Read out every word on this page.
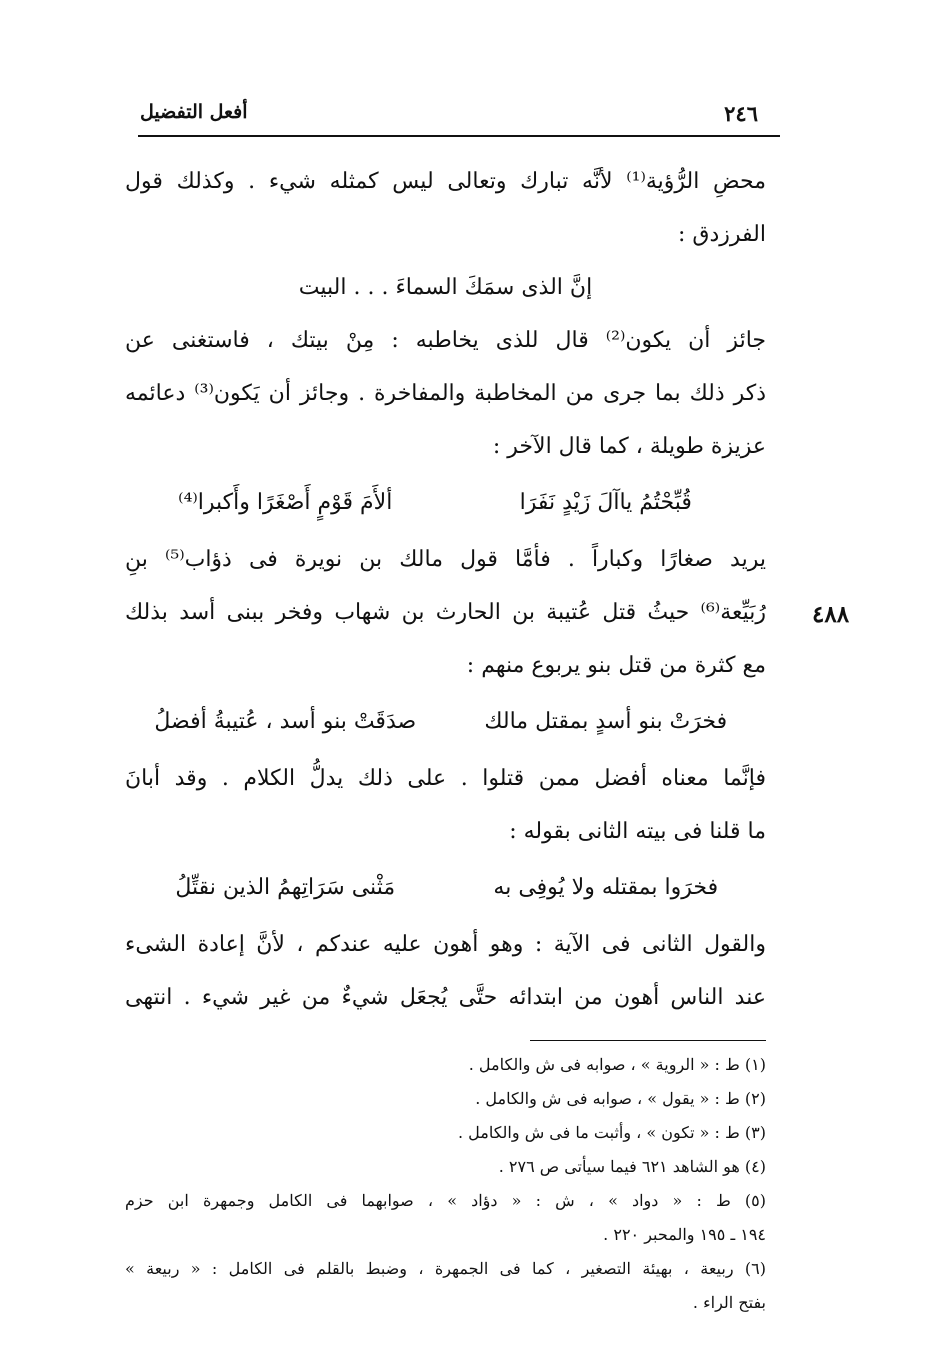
٢٤٦
أفعل التفضيل
٤٨٨
محضِ الرُّؤية⁽¹⁾ لأنَّه تبارك وتعالى ليس كمثله شيء . وكذلك قول
الفرزدق :
إنَّ الذى سمَكَ السماءَ . . . البيت
جائز أن يكون⁽²⁾ قال للذى يخاطبه : مِنْ بيتك ، فاستغنى عن
ذكر ذلك بما جرى من المخاطبة والمفاخرة . وجائز أن يَكون⁽³⁾ دعائمه
عزيزة طويلة ، كما قال الآخر :
قُبِّحْتُمُ ياآلَ زَيْدٍ نَفَرَا
ألأَمَ قَوْمٍ أَصْغَرًا وأَكبرا⁽⁴⁾
يريد صغارًا وكباراً . فأمَّا قول مالك بن نويرة فى ذؤاب⁽⁵⁾ بنِ
رُبَيِّعة⁽⁶⁾ حيثُ قتل عُتيبة بن الحارث بن شهاب وفخر ببنى أسد بذلك
مع كثرة من قتل بنو يربوع منهم :
فخرَتْ بنو أسدٍ بمقتل مالك
صدَقَتْ بنو أسد ، عُتيبةُ أفضلُ
فإنَّما معناه أفضل ممن قتلوا . على ذلك يدلُّ الكلام . وقد أبانَ
ما قلنا فى بيته الثانى بقوله :
فخرَوا بمقتله ولا يُوفِى به
مَثْنى سَرَاتِهمُ الذين نقتِّلُ
والقول الثانى فى الآية : وهو أهون عليه عندكم ، لأنَّ إعادة الشىء
عند الناس أهون من ابتدائه حتَّى يُجعَل شيءٌ من غير شيء . انتهى
(١) ط : « الروية » ، صوابه فى ش والكامل .
(٢) ط : « يقول » ، صوابه فى ش والكامل .
(٣) ط : « تكون » ، وأثبت ما فى ش والكامل .
(٤) هو الشاهد ٦٢١ فيما سيأتى ص ٢٧٦ .
(٥) ط : « دواد » ، ش : « دؤاد » ، صوابهما فى الكامل وجمهرة ابن حزم
١٩٤ ـ ١٩٥ والمحبر ٢٢٠ .
(٦) ربيعة ، بهيئة التصغير ، كما فى الجمهرة ، وضبط بالقلم فى الكامل : « ربيعة »
بفتح الراء .
